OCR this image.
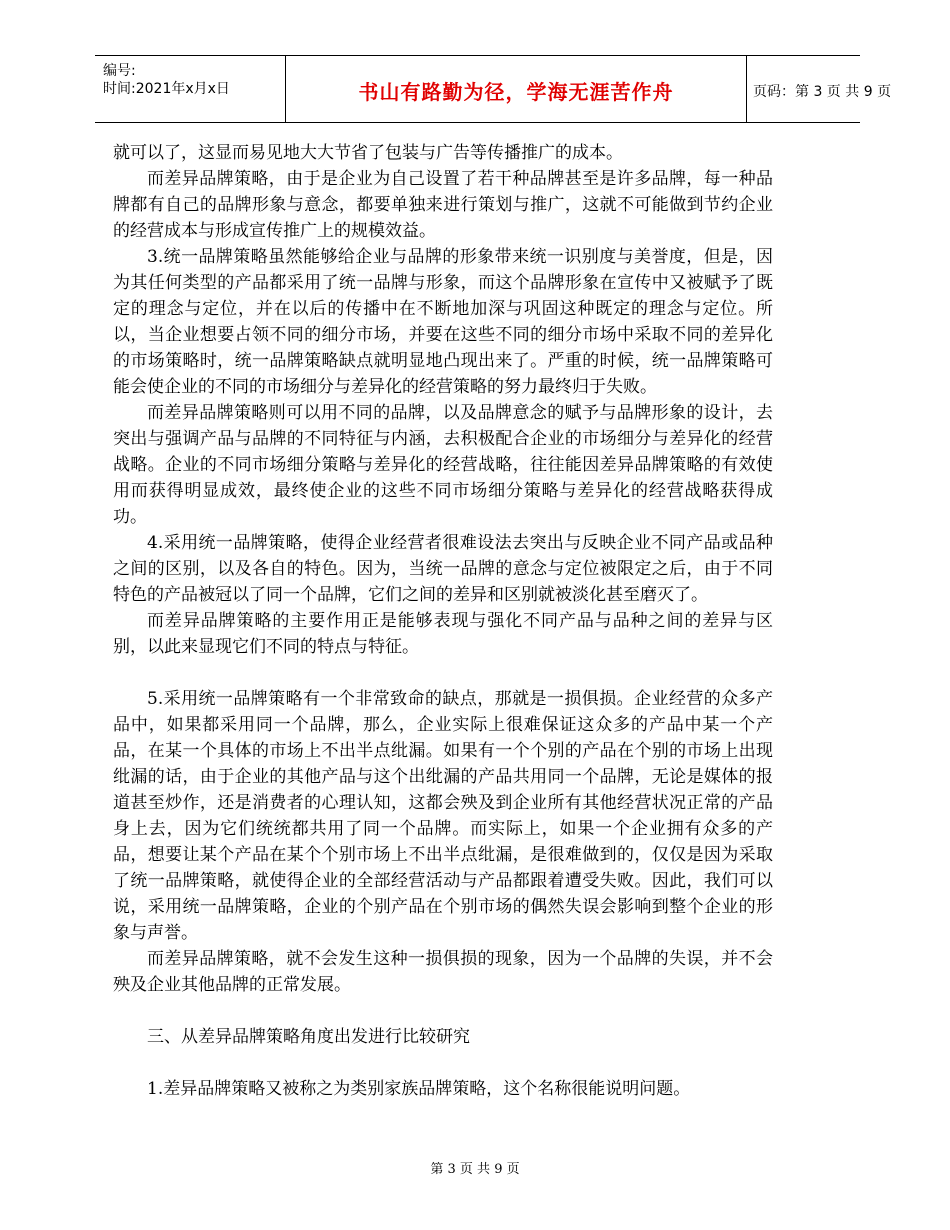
编号:
时间:2021年x月x日	书山有路勤为径，学海无涯苦作舟	页码：第 3 页 共 9 页

就可以了，这显而易见地大大节省了包装与广告等传播推广的成本。

而差异品牌策略，由于是企业为自己设置了若干种品牌甚至是许多品牌，每一种品牌都有自己的品牌形象与意念，都要单独来进行策划与推广，这就不可能做到节约企业的经营成本与形成宣传推广上的规模效益。

3.统一品牌策略虽然能够给企业与品牌的形象带来统一识别度与美誉度，但是，因为其任何类型的产品都采用了统一品牌与形象，而这个品牌形象在宣传中又被赋予了既定的理念与定位，并在以后的传播中在不断地加深与巩固这种既定的理念与定位。所以，当企业想要占领不同的细分市场，并要在这些不同的细分市场中采取不同的差异化的市场策略时，统一品牌策略缺点就明显地凸现出来了。严重的时候，统一品牌策略可能会使企业的不同的市场细分与差异化的经营策略的努力最终归于失败。

而差异品牌策略则可以用不同的品牌，以及品牌意念的赋予与品牌形象的设计，去突出与强调产品与品牌的不同特征与内涵，去积极配合企业的市场细分与差异化的经营战略。企业的不同市场细分策略与差异化的经营战略，往往能因差异品牌策略的有效使用而获得明显成效，最终使企业的这些不同市场细分策略与差异化的经营战略获得成功。

4.采用统一品牌策略，使得企业经营者很难设法去突出与反映企业不同产品或品种之间的区别，以及各自的特色。因为，当统一品牌的意念与定位被限定之后，由于不同特色的产品被冠以了同一个品牌，它们之间的差异和区别就被淡化甚至磨灭了。

而差异品牌策略的主要作用正是能够表现与强化不同产品与品种之间的差异与区别，以此来显现它们不同的特点与特征。

5.采用统一品牌策略有一个非常致命的缺点，那就是一损俱损。企业经营的众多产品中，如果都采用同一个品牌，那么，企业实际上很难保证这众多的产品中某一个产品，在某一个具体的市场上不出半点纰漏。如果有一个个别的产品在个别的市场上出现纰漏的话，由于企业的其他产品与这个出纰漏的产品共用同一个品牌，无论是媒体的报道甚至炒作，还是消费者的心理认知，这都会殃及到企业所有其他经营状况正常的产品身上去，因为它们统统都共用了同一个品牌。而实际上，如果一个企业拥有众多的产品，想要让某个产品在某个个别市场上不出半点纰漏，是很难做到的，仅仅是因为采取了统一品牌策略，就使得企业的全部经营活动与产品都跟着遭受失败。因此，我们可以说，采用统一品牌策略，企业的个别产品在个别市场的偶然失误会影响到整个企业的形象与声誉。

而差异品牌策略，就不会发生这种一损俱损的现象，因为一个品牌的失误，并不会殃及企业其他品牌的正常发展。

三、从差异品牌策略角度出发进行比较研究

1.差异品牌策略又被称之为类别家族品牌策略，这个名称很能说明问题。

第 3 页 共 9 页
